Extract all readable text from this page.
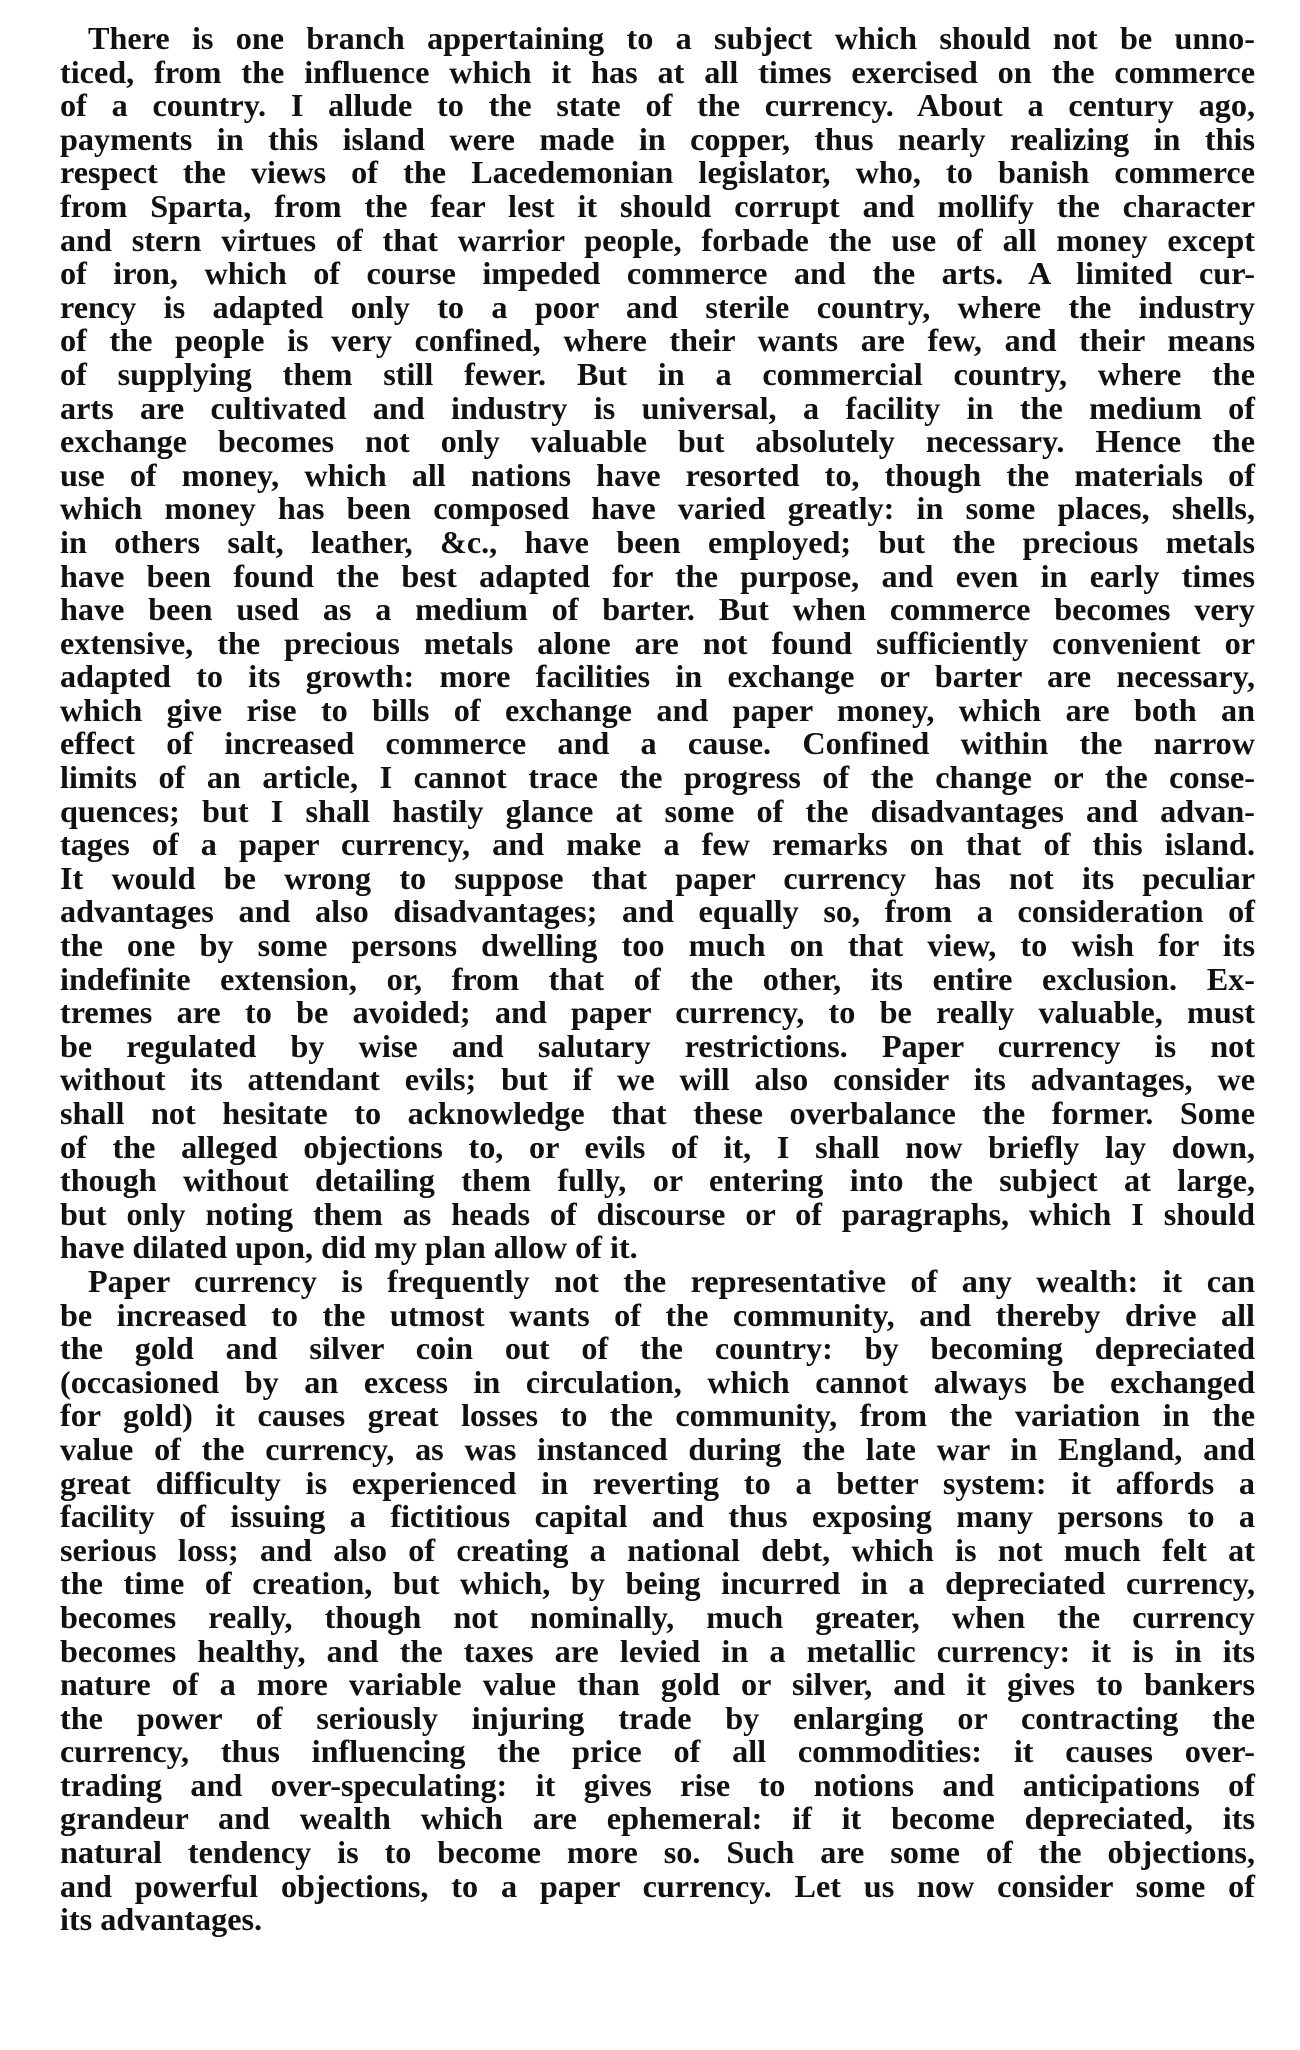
There is one branch appertaining to a subject which should not be unno-
ticed, from the influence which it has at all times exercised on the commerce
of a country. I allude to the state of the currency. About a century ago,
payments in this island were made in copper, thus nearly realizing in this
respect the views of the Lacedemonian legislator, who, to banish commerce
from Sparta, from the fear lest it should corrupt and mollify the character
and stern virtues of that warrior people, forbade the use of all money except
of iron, which of course impeded commerce and the arts. A limited cur-
rency is adapted only to a poor and sterile country, where the industry
of the people is very confined, where their wants are few, and their means
of supplying them still fewer. But in a commercial country, where the
arts are cultivated and industry is universal, a facility in the medium of
exchange becomes not only valuable but absolutely necessary. Hence the
use of money, which all nations have resorted to, though the materials of
which money has been composed have varied greatly: in some places, shells,
in others salt, leather, &c., have been employed; but the precious metals
have been found the best adapted for the purpose, and even in early times
have been used as a medium of barter. But when commerce becomes very
extensive, the precious metals alone are not found sufficiently convenient or
adapted to its growth: more facilities in exchange or barter are necessary,
which give rise to bills of exchange and paper money, which are both an
effect of increased commerce and a cause. Confined within the narrow
limits of an article, I cannot trace the progress of the change or the conse-
quences; but I shall hastily glance at some of the disadvantages and advan-
tages of a paper currency, and make a few remarks on that of this island.
It would be wrong to suppose that paper currency has not its peculiar
advantages and also disadvantages; and equally so, from a consideration of
the one by some persons dwelling too much on that view, to wish for its
indefinite extension, or, from that of the other, its entire exclusion. Ex-
tremes are to be avoided; and paper currency, to be really valuable, must
be regulated by wise and salutary restrictions. Paper currency is not
without its attendant evils; but if we will also consider its advantages, we
shall not hesitate to acknowledge that these overbalance the former. Some
of the alleged objections to, or evils of it, I shall now briefly lay down,
though without detailing them fully, or entering into the subject at large,
but only noting them as heads of discourse or of paragraphs, which I should
have dilated upon, did my plan allow of it.
Paper currency is frequently not the representative of any wealth: it can
be increased to the utmost wants of the community, and thereby drive all
the gold and silver coin out of the country: by becoming depreciated
(occasioned by an excess in circulation, which cannot always be exchanged
for gold) it causes great losses to the community, from the variation in the
value of the currency, as was instanced during the late war in England, and
great difficulty is experienced in reverting to a better system: it affords a
facility of issuing a fictitious capital and thus exposing many persons to a
serious loss; and also of creating a national debt, which is not much felt at
the time of creation, but which, by being incurred in a depreciated currency,
becomes really, though not nominally, much greater, when the currency
becomes healthy, and the taxes are levied in a metallic currency: it is in its
nature of a more variable value than gold or silver, and it gives to bankers
the power of seriously injuring trade by enlarging or contracting the
currency, thus influencing the price of all commodities: it causes over-
trading and over-speculating: it gives rise to notions and anticipations of
grandeur and wealth which are ephemeral: if it become depreciated, its
natural tendency is to become more so. Such are some of the objections,
and powerful objections, to a paper currency. Let us now consider some of
its advantages.
